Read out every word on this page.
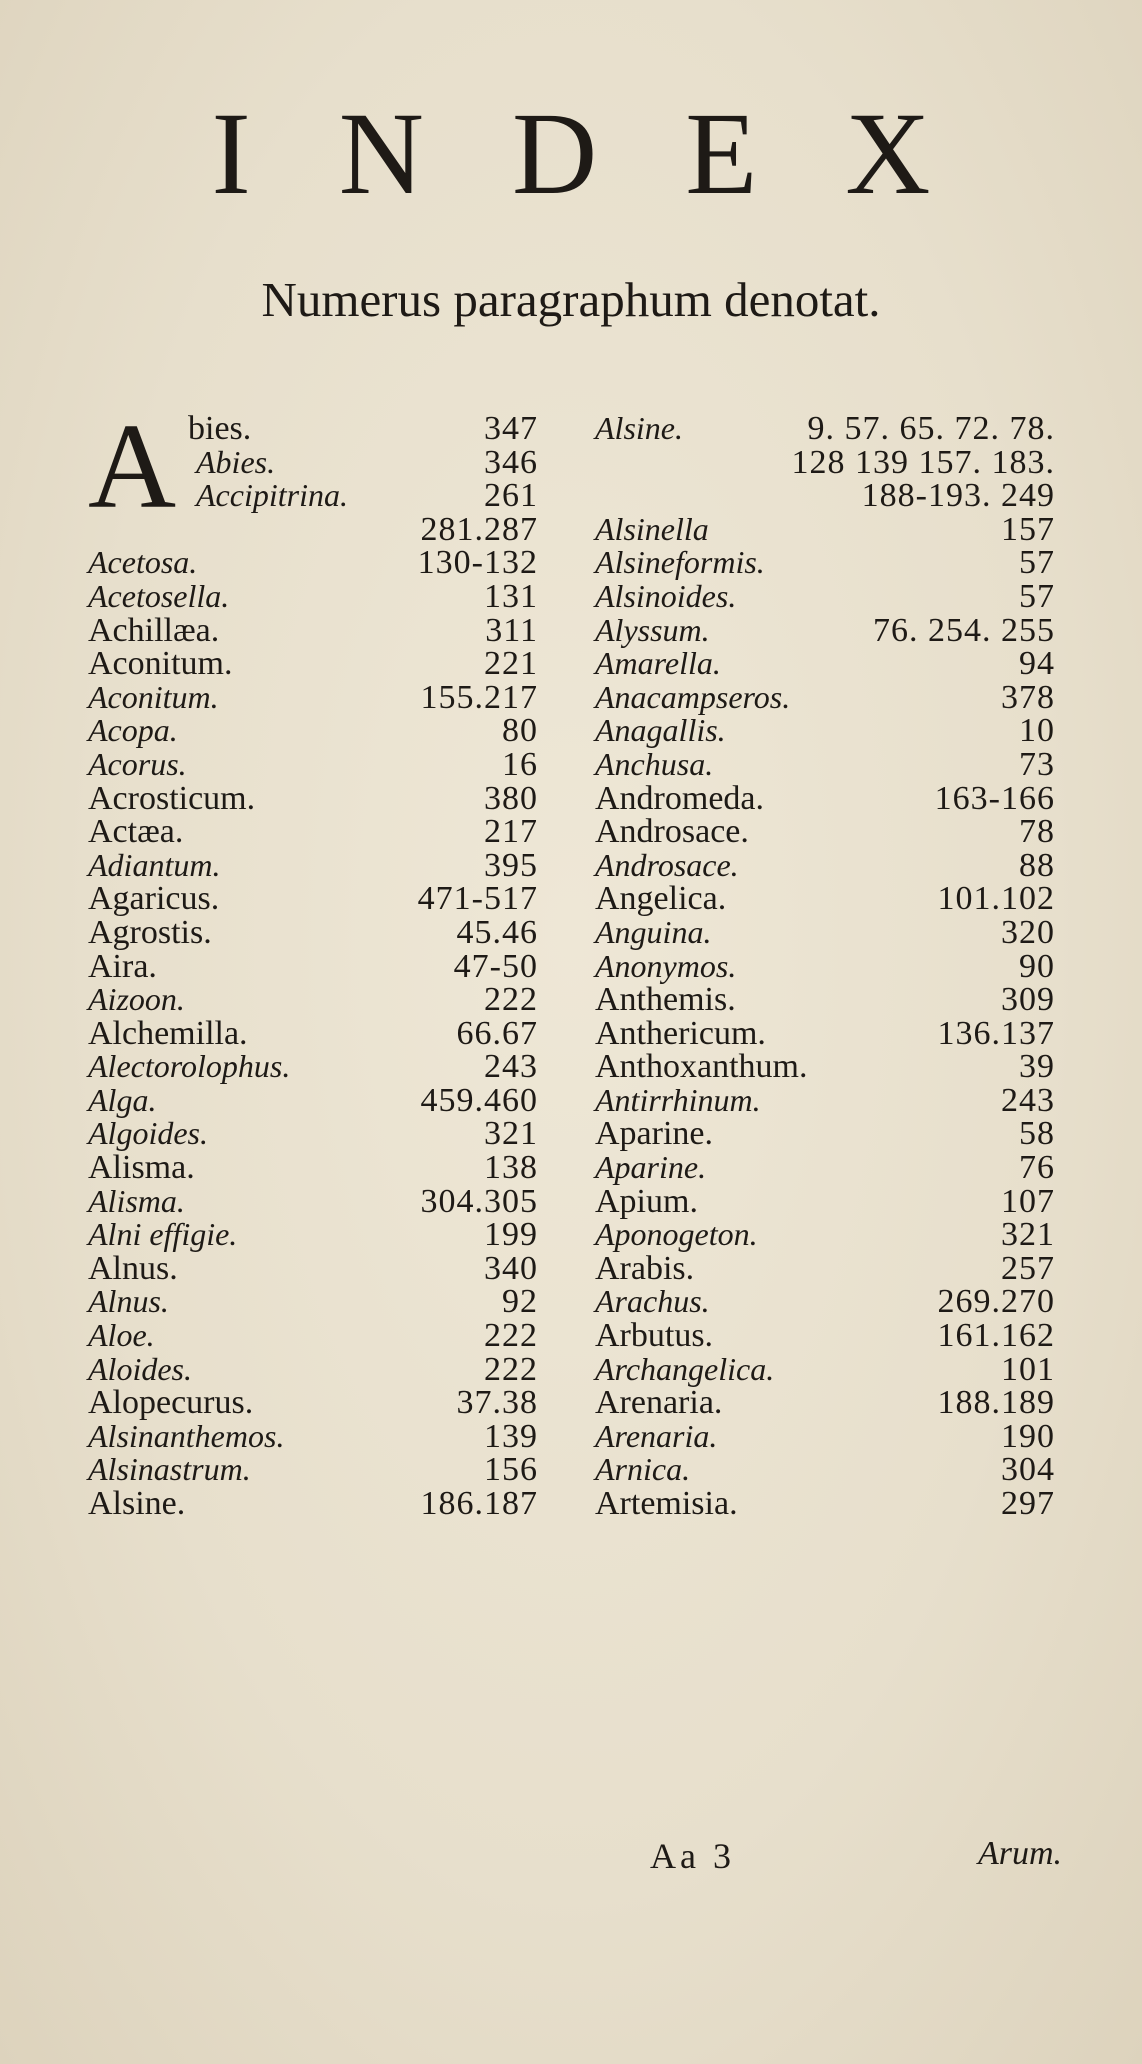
INDEX
Numerus paragraphum denotat.
A bies.	347
Abies.	346
Accipitrina.	261
281.287
Acetosa.	130-132
Acetosella.	131
Achillæa.	311
Aconitum.	221
Aconitum.	155.217
Acopa.	80
Acorus.	16
Acrosticum.	380
Actæa.	217
Adiantum.	395
Agaricus.	471-517
Agrostis.	45.46
Aira.	47-50
Aizoon.	222
Alchemilla.	66.67
Alectorolophus.	243
Alga.	459.460
Algoides.	321
Alisma.	138
Alisma.	304.305
Alni effigie.	199
Alnus.	340
Alnus.	92
Aloe.	222
Aloides.	222
Alopecurus.	37.38
Alsinanthemos.	139
Alsinastrum.	156
Alsine.	186.187
Alsine.	9. 57. 65. 72. 78.
128 139 157. 183.
188-193. 249
Alsinella	157
Alsineformis.	57
Alsinoides.	57
Alyssum.	76. 254. 255
Amarella.	94
Anacampseros.	378
Anagallis.	10
Anchusa.	73
Andromeda.	163-166
Androsace.	78
Androsace.	88
Angelica.	101.102
Anguina.	320
Anonymos.	90
Anthemis.	309
Anthericum.	136.137
Anthoxanthum.	39
Antirrhinum.	243
Aparine.	58
Aparine.	76
Apium.	107
Aponogeton.	321
Arabis.	257
Arachus.	269.270
Arbutus.	161.162
Archangelica.	101
Arenaria.	188.189
Arenaria.	190
Arnica.	304
Artemisia.	297
Aa 3	Arum.
